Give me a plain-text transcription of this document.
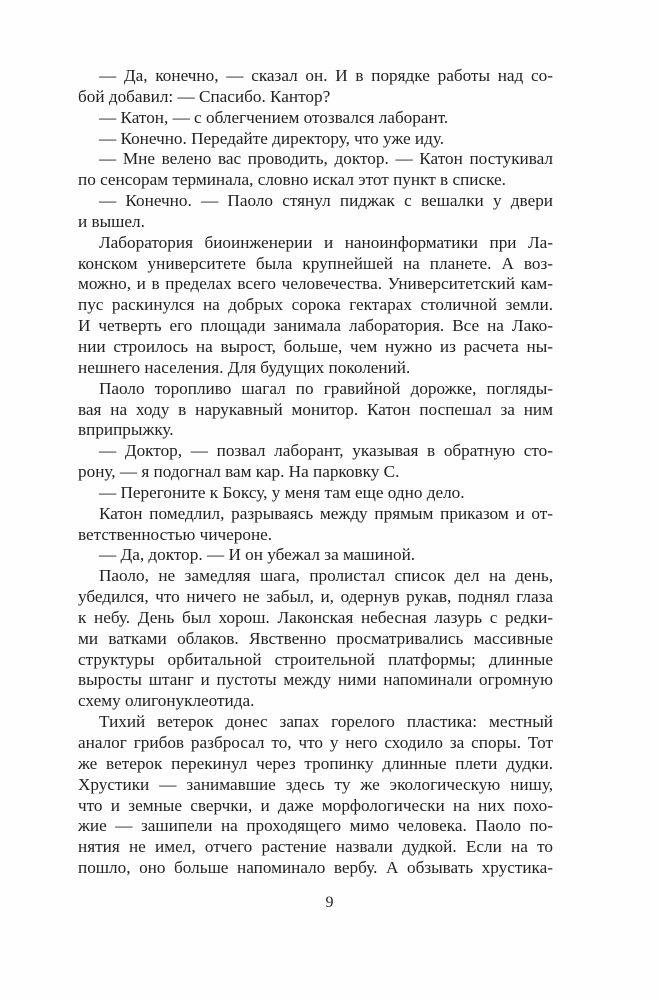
— Да, конечно, — сказал он. И в порядке работы над со-
бой добавил: — Спасибо. Кантор?
— Катон, — с облегчением отозвался лаборант.
— Конечно. Передайте директору, что уже иду.
— Мне велено вас проводить, доктор. — Катон постукивал
по сенсорам терминала, словно искал этот пункт в списке.
— Конечно. — Паоло стянул пиджак с вешалки у двери
и вышел.
Лаборатория биоинженерии и наноинформатики при Ла-
конском университете была крупнейшей на планете. А воз-
можно, и в пределах всего человечества. Университетский кам-
пус раскинулся на добрых сорока гектарах столичной земли.
И четверть его площади занимала лаборатория. Все на Лако-
нии строилось на вырост, больше, чем нужно из расчета ны-
нешнего населения. Для будущих поколений.
Паоло торопливо шагал по гравийной дорожке, погляды-
вая на ходу в нарукавный монитор. Катон поспешал за ним
вприпрыжку.
— Доктор, — позвал лаборант, указывая в обратную сто-
рону, — я подогнал вам кар. На парковку С.
— Перегоните к Боксу, у меня там еще одно дело.
Катон помедлил, разрываясь между прямым приказом и от-
ветственностью чичероне.
— Да, доктор. — И он убежал за машиной.
Паоло, не замедляя шага, пролистал список дел на день,
убедился, что ничего не забыл, и, одернув рукав, поднял глаза
к небу. День был хорош. Лаконская небесная лазурь с редки-
ми ватками облаков. Явственно просматривались массивные
структуры орбитальной строительной платформы; длинные
выросты штанг и пустоты между ними напоминали огромную
схему олигонуклеотида.
Тихий ветерок донес запах горелого пластика: местный
аналог грибов разбросал то, что у него сходило за споры. Тот
же ветерок перекинул через тропинку длинные плети дудки.
Хрустики — занимавшие здесь ту же экологическую нишу,
что и земные сверчки, и даже морфологически на них похо-
жие — зашипели на проходящего мимо человека. Паоло по-
нятия не имел, отчего растение назвали дудкой. Если на то
пошло, оно больше напоминало вербу. А обзывать хрустика-
9
